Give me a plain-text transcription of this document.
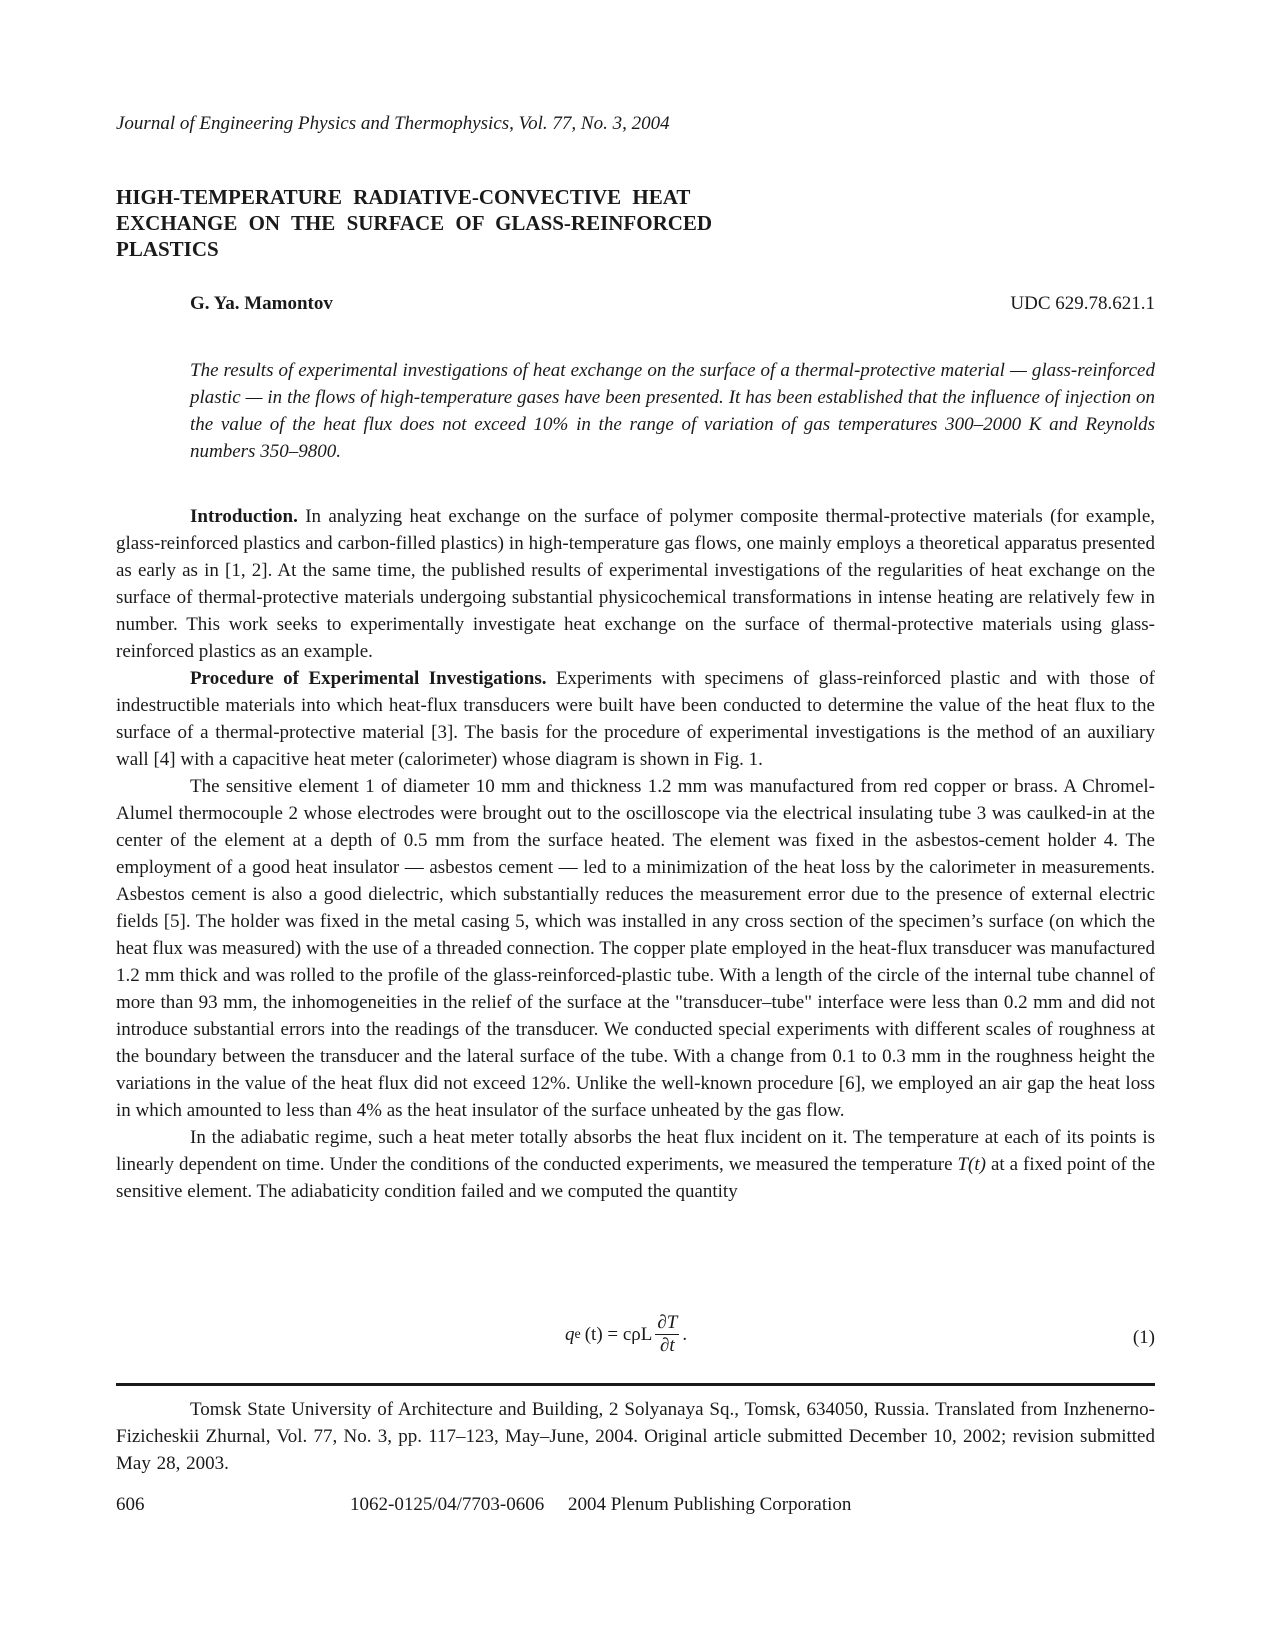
Journal of Engineering Physics and Thermophysics, Vol. 77, No. 3, 2004
HIGH-TEMPERATURE RADIATIVE-CONVECTIVE HEAT EXCHANGE ON THE SURFACE OF GLASS-REINFORCED PLASTICS
G. Ya. Mamontov	UDC 629.78.621.1

The results of experimental investigations of heat exchange on the surface of a thermal-protective material — glass-reinforced plastic — in the flows of high-temperature gases have been presented. It has been established that the influence of injection on the value of the heat flux does not exceed 10% in the range of variation of gas temperatures 300–2000 K and Reynolds numbers 350–9800.

Introduction. In analyzing heat exchange on the surface of polymer composite thermal-protective materials (for example, glass-reinforced plastics and carbon-filled plastics) in high-temperature gas flows, one mainly employs a theoretical apparatus presented as early as in [1, 2]. At the same time, the published results of experimental investigations of the regularities of heat exchange on the surface of thermal-protective materials undergoing substantial physicochemical transformations in intense heating are relatively few in number. This work seeks to experimentally investigate heat exchange on the surface of thermal-protective materials using glass-reinforced plastics as an example.

Procedure of Experimental Investigations. Experiments with specimens of glass-reinforced plastic and with those of indestructible materials into which heat-flux transducers were built have been conducted to determine the value of the heat flux to the surface of a thermal-protective material [3]. The basis for the procedure of experimental investigations is the method of an auxiliary wall [4] with a capacitive heat meter (calorimeter) whose diagram is shown in Fig. 1.

The sensitive element 1 of diameter 10 mm and thickness 1.2 mm was manufactured from red copper or brass. A Chromel-Alumel thermocouple 2 whose electrodes were brought out to the oscilloscope via the electrical insulating tube 3 was caulked-in at the center of the element at a depth of 0.5 mm from the surface heated. The element was fixed in the asbestos-cement holder 4. The employment of a good heat insulator — asbestos cement — led to a minimization of the heat loss by the calorimeter in measurements. Asbestos cement is also a good dielectric, which substantially reduces the measurement error due to the presence of external electric fields [5]. The holder was fixed in the metal casing 5, which was installed in any cross section of the specimen’s surface (on which the heat flux was measured) with the use of a threaded connection. The copper plate employed in the heat-flux transducer was manufactured 1.2 mm thick and was rolled to the profile of the glass-reinforced-plastic tube. With a length of the circle of the internal tube channel of more than 93 mm, the inhomogeneities in the relief of the surface at the "transducer–tube" interface were less than 0.2 mm and did not introduce substantial errors into the readings of the transducer. We conducted special experiments with different scales of roughness at the boundary between the transducer and the lateral surface of the tube. With a change from 0.1 to 0.3 mm in the roughness height the variations in the value of the heat flux did not exceed 12%. Unlike the well-known procedure [6], we employed an air gap the heat loss in which amounted to less than 4% as the heat insulator of the surface unheated by the gas flow.

In the adiabatic regime, such a heat meter totally absorbs the heat flux incident on it. The temperature at each of its points is linearly dependent on time. Under the conditions of the conducted experiments, we measured the temperature T(t) at a fixed point of the sensitive element. The adiabaticity condition failed and we computed the quantity

q e (t) = cρL $\frac{\partial T}{\partial t}$ .	(1)

Tomsk State University of Architecture and Building, 2 Solyanaya Sq., Tomsk, 634050, Russia. Translated from Inzhenerno-Fizicheskii Zhurnal, Vol. 77, No. 3, pp. 117–123, May–June, 2004. Original article submitted December 10, 2002; revision submitted May 28, 2003.

606	1062-0125/04/7703-0606     2004 Plenum Publishing Corporation
